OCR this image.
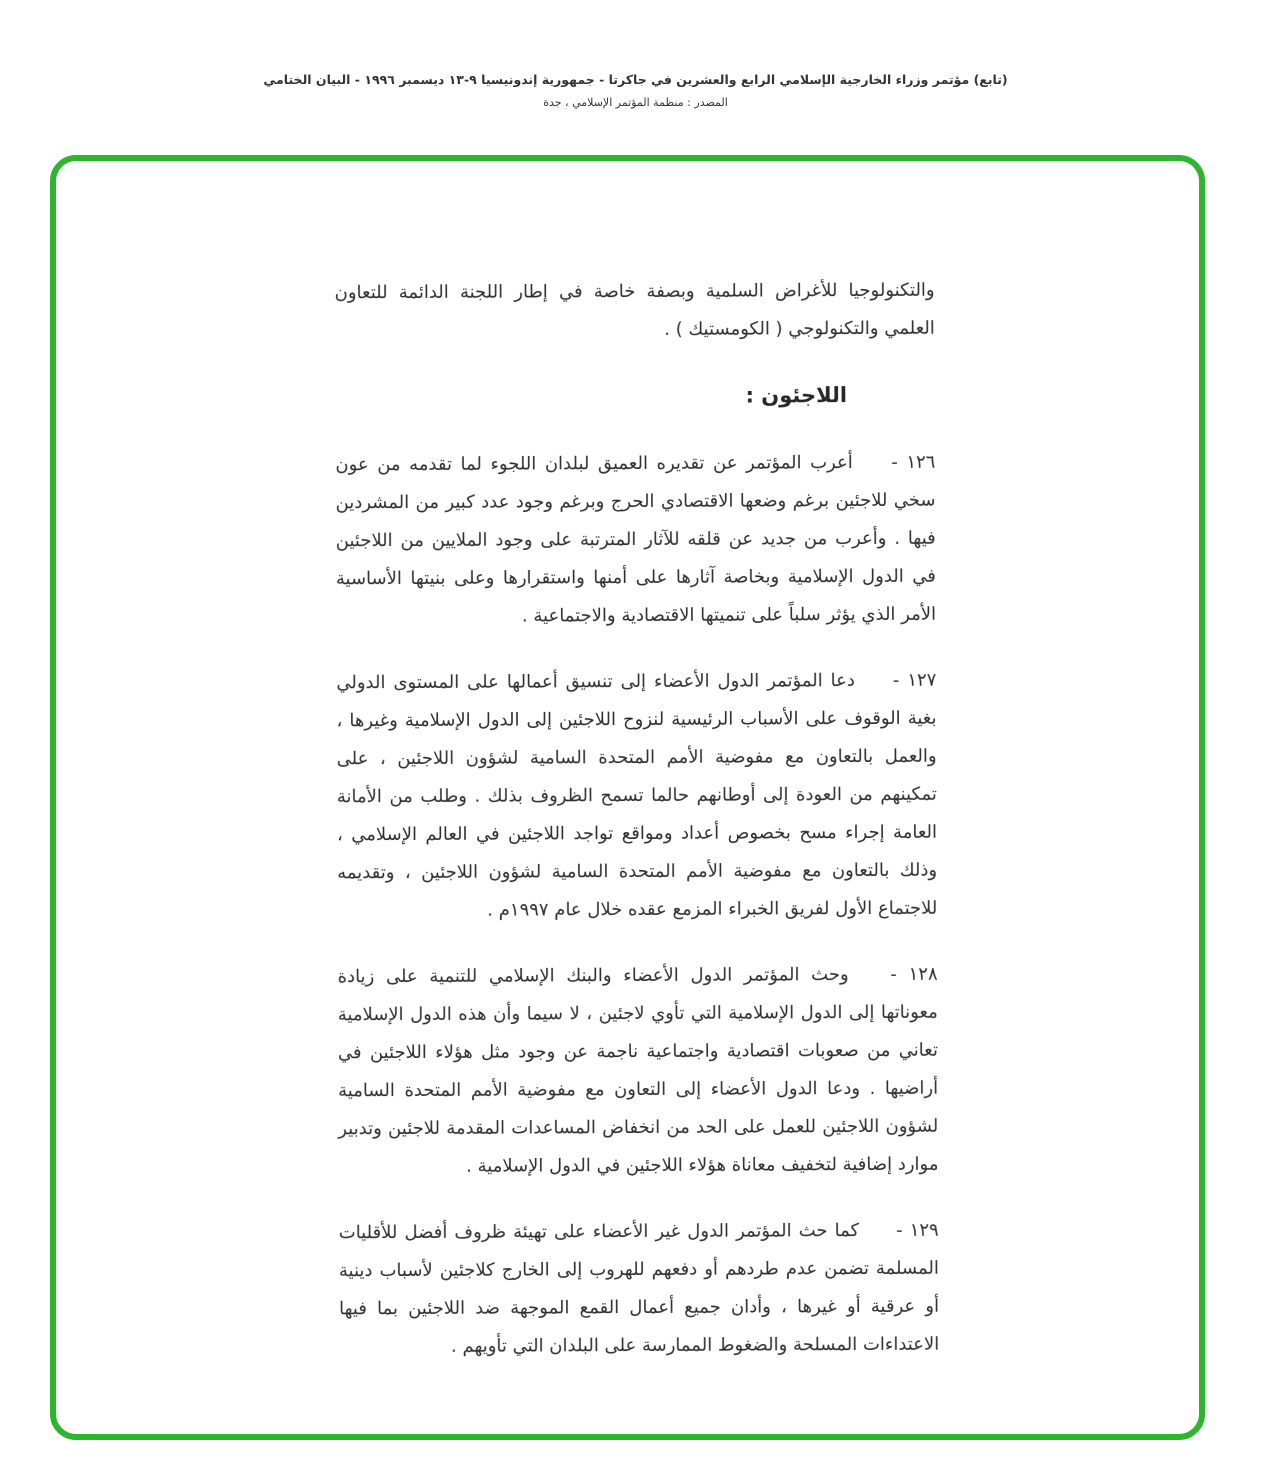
(تابع) مؤتمر وزراء الخارجية الإسلامي الرابع والعشرين في جاكرتا - جمهورية إندونيسيا ٩-١٣ ديسمبر ١٩٩٦ - البيان الختامي
المصدر : منظمة المؤتمر الإسلامي ، جدة

والتكنولوجيا للأغراض السلمية وبصفة خاصة في إطار اللجنة الدائمة للتعاون العلمي والتكنولوجي ( الكومستيك ) .

اللاجئون :

١٢٦ - أعرب المؤتمر عن تقديره العميق لبلدان اللجوء لما تقدمه من عون سخي للاجئين برغم وضعها الاقتصادي الحرج وبرغم وجود عدد كبير من المشردين فيها . وأعرب من جديد عن قلقه للآثار المترتبة على وجود الملايين من اللاجئين في الدول الإسلامية وبخاصة آثارها على أمنها واستقرارها وعلى بنيتها الأساسية الأمر الذي يؤثر سلباً على تنميتها الاقتصادية والاجتماعية .

١٢٧ - دعا المؤتمر الدول الأعضاء إلى تنسيق أعمالها على المستوى الدولي بغية الوقوف على الأسباب الرئيسية لنزوح اللاجئين إلى الدول الإسلامية وغيرها ، والعمل بالتعاون مع مفوضية الأمم المتحدة السامية لشؤون اللاجئين ، على تمكينهم من العودة إلى أوطانهم حالما تسمح الظروف بذلك . وطلب من الأمانة العامة إجراء مسح بخصوص أعداد ومواقع تواجد اللاجئين في العالم الإسلامي ، وذلك بالتعاون مع مفوضية الأمم المتحدة السامية لشؤون اللاجئين ، وتقديمه للاجتماع الأول لفريق الخبراء المزمع عقده خلال عام ١٩٩٧م .

١٢٨ - وحث المؤتمر الدول الأعضاء والبنك الإسلامي للتنمية على زيادة معوناتها إلى الدول الإسلامية التي تأوي لاجئين ، لا سيما وأن هذه الدول الإسلامية تعاني من صعوبات اقتصادية واجتماعية ناجمة عن وجود مثل هؤلاء اللاجئين في أراضيها . ودعا الدول الأعضاء إلى التعاون مع مفوضية الأمم المتحدة السامية لشؤون اللاجئين للعمل على الحد من انخفاض المساعدات المقدمة للاجئين وتدبير موارد إضافية لتخفيف معاناة هؤلاء اللاجئين في الدول الإسلامية .

١٢٩ - كما حث المؤتمر الدول غير الأعضاء على تهيئة ظروف أفضل للأقليات المسلمة تضمن عدم طردهم أو دفعهم للهروب إلى الخارج كلاجئين لأسباب دينية أو عرقية أو غيرها ، وأدان جميع أعمال القمع الموجهة ضد اللاجئين بما فيها الاعتداءات المسلحة والضغوط الممارسة على البلدان التي تأويهم .
